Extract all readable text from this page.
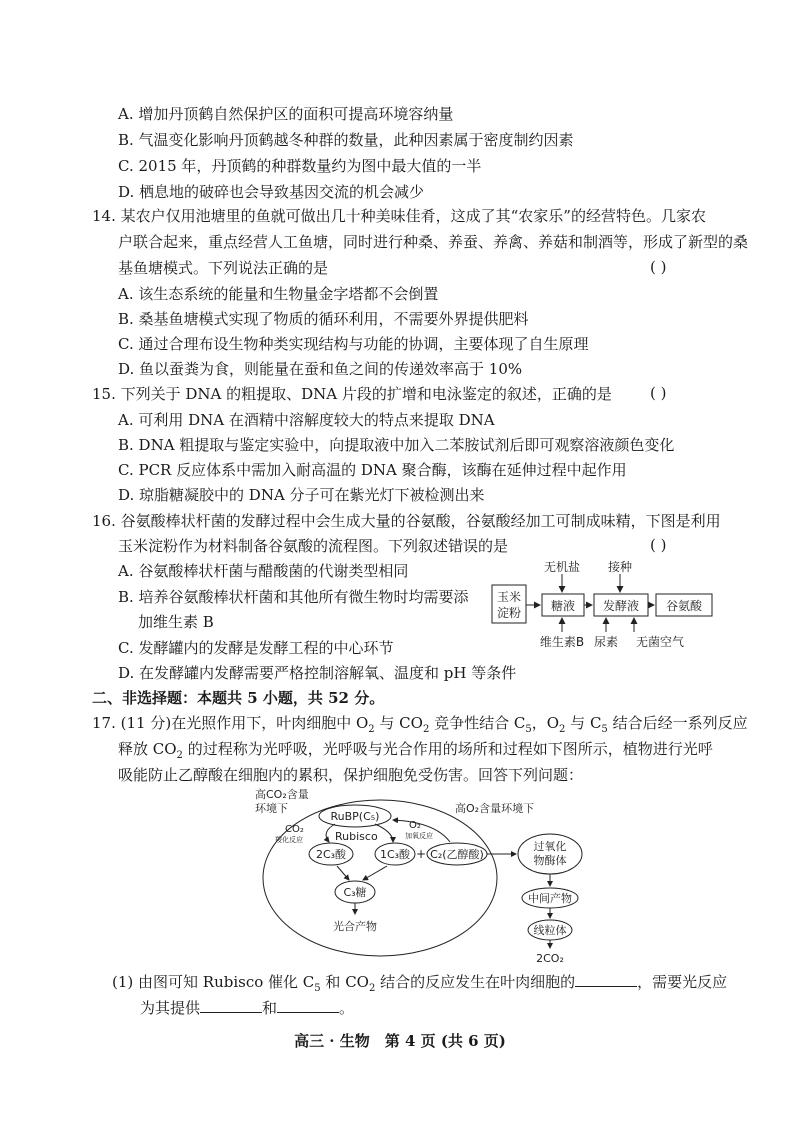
A. 增加丹顶鹤自然保护区的面积可提高环境容纳量
B. 气温变化影响丹顶鹤越冬种群的数量，此种因素属于密度制约因素
C. 2015 年，丹顶鹤的种群数量约为图中最大值的一半
D. 栖息地的破碎也会导致基因交流的机会减少
14. 某农户仅用池塘里的鱼就可做出几十种美味佳肴，这成了其“农家乐”的经营特色。几家农
户联合起来，重点经营人工鱼塘，同时进行种桑、养蚕、养禽、养菇和制酒等，形成了新型的桑
基鱼塘模式。下列说法正确的是	( )
A. 该生态系统的能量和生物量金字塔都不会倒置
B. 桑基鱼塘模式实现了物质的循环利用，不需要外界提供肥料
C. 通过合理布设生物种类实现结构与功能的协调，主要体现了自生原理
D. 鱼以蚕粪为食，则能量在蚕和鱼之间的传递效率高于 10%
15. 下列关于 DNA 的粗提取、DNA 片段的扩增和电泳鉴定的叙述，正确的是	( )
A. 可利用 DNA 在酒精中溶解度较大的特点来提取 DNA
B. DNA 粗提取与鉴定实验中，向提取液中加入二苯胺试剂后即可观察溶液颜色变化
C. PCR 反应体系中需加入耐高温的 DNA 聚合酶，该酶在延伸过程中起作用
D. 琼脂糖凝胶中的 DNA 分子可在紫光灯下被检测出来
16. 谷氨酸棒状杆菌的发酵过程中会生成大量的谷氨酸，谷氨酸经加工可制成味精，下图是利用
玉米淀粉作为材料制备谷氨酸的流程图。下列叙述错误的是	( )
A. 谷氨酸棒状杆菌与醋酸菌的代谢类型相同
B. 培养谷氨酸棒状杆菌和其他所有微生物时均需要添
加维生素 B
C. 发酵罐内的发酵是发酵工程的中心环节
D. 在发酵罐内发酵需要严格控制溶解氧、温度和 pH 等条件
玉米
淀粉 糖液 发酵液 谷氨酸
无机盐 接种
维生素B 尿素 无菌空气
二、非选择题：本题共 5 小题，共 52 分。
17. (11 分)在光照作用下，叶肉细胞中 $O_2$ 与 $CO_2$ 竞争性结合 $C_5$，$O_2$ 与 $C_5$ 结合后经一系列反应
释放 $CO_2$ 的过程称为光呼吸，光呼吸与光合作用的场所和过程如下图所示，植物进行光呼
吸能防止乙醇酸在细胞内的累积，保护细胞免受伤害。回答下列问题：
高CO₂含量
环境下	高O₂含量环境下
RuBP(C₅)
CO₂
羧化反应	Rubisco
O₂
加氧反应
2C₃酸	1C₃酸 + C₂(乙醇酸)
C₃糖
光合产物
过氧化
物酶体
中间产物
线粒体
2CO₂
(1) 由图可知 Rubisco 催化 $C_5$ 和 $CO_2$ 结合的反应发生在叶肉细胞的	，需要光反应
为其提供	和	。
高三 · 生物　第 4 页 (共 6 页)
